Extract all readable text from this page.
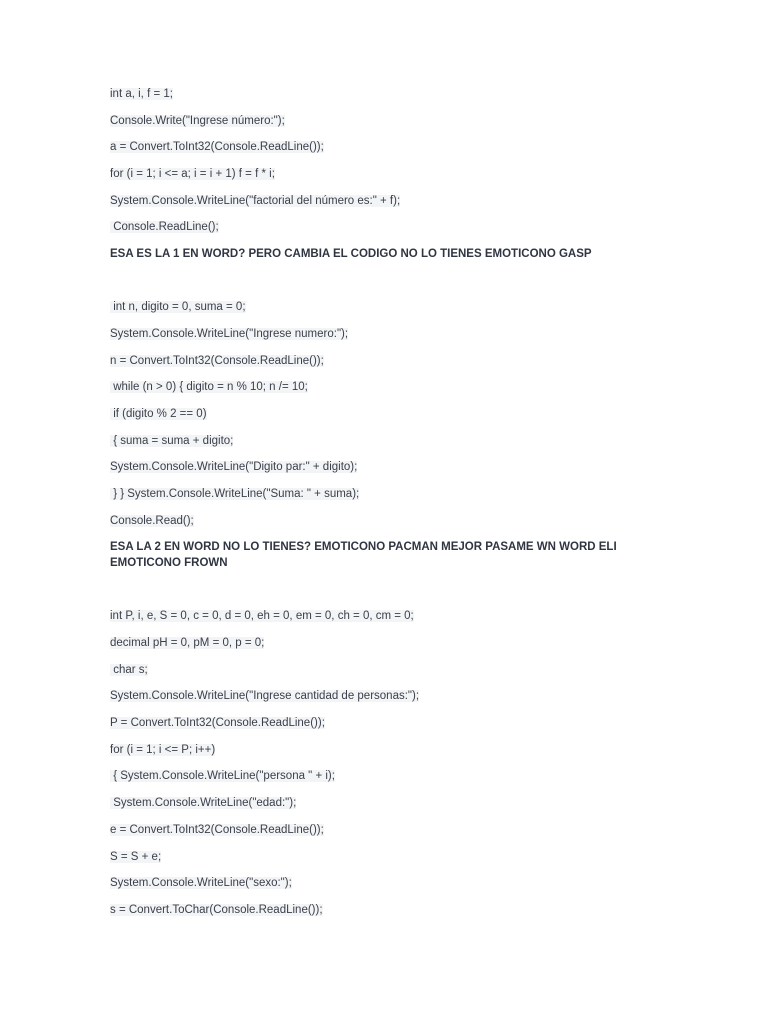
int a, i, f = 1;
Console.Write("Ingrese número:");
a = Convert.ToInt32(Console.ReadLine());
for (i = 1; i <= a; i = i + 1) f = f * i;
System.Console.WriteLine("factorial del número es:" + f);
Console.ReadLine();
ESA ES LA 1 EN WORD? PERO CAMBIA EL CODIGO NO LO TIENES EMOTICONO GASP
int n, digito = 0, suma = 0;
System.Console.WriteLine("Ingrese numero:");
n = Convert.ToInt32(Console.ReadLine());
while (n > 0) { digito = n % 10; n /= 10;
if (digito % 2 == 0)
{ suma = suma + digito;
System.Console.WriteLine("Digito par:" + digito);
} } System.Console.WriteLine("Suma: " + suma);
Console.Read();
ESA LA 2 EN WORD NO LO TIENES? EMOTICONO PACMAN MEJOR PASAME WN WORD ELI EMOTICONO FROWN
int P, i, e, S = 0, c = 0, d = 0, eh = 0, em = 0, ch = 0, cm = 0;
decimal pH = 0, pM = 0, p = 0;
char s;
System.Console.WriteLine("Ingrese cantidad de personas:");
P = Convert.ToInt32(Console.ReadLine());
for (i = 1; i <= P; i++)
{ System.Console.WriteLine("persona " + i);
System.Console.WriteLine("edad:");
e = Convert.ToInt32(Console.ReadLine());
S = S + e;
System.Console.WriteLine("sexo:");
s = Convert.ToChar(Console.ReadLine());
